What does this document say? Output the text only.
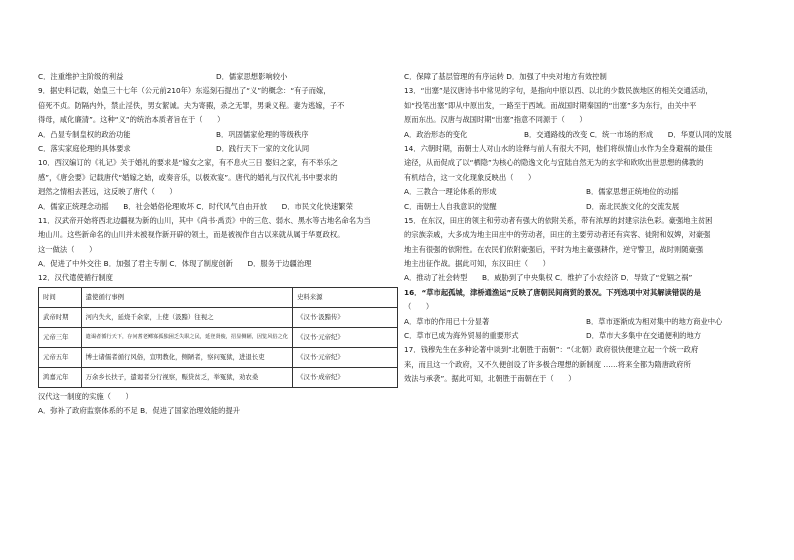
C．注重维护主阶级的利益	D．儒家思想影响较小
9．据史料记载，始皇三十七年（公元前210年）东巡刻石提出了“义”的概念：“有子而嫁，
倍死不贞。防隔内外，禁止淫佚，男女絜诚。夫为寄豭，杀之无罪，男秉义程。妻为逃嫁，子不
得母，咸化廉清”。这种“义”的统治本质者旨在于（　　）
A．凸显专制皇权的政治功能	B．巩固儒家伦理的等级秩序
C．落实家庭伦理的具体要求	D．践行天下一家的文化认同
10．西汉编订的《礼记》关于婚礼的要求是“嫁女之家，有不息火三日 娶妇之家，有不举乐之
感”，《唐会要》记载唐代“婚嫁之始，或奏音乐，以极欢宴”。唐代的婚礼与汉代礼书中要求的
迥然之情相去甚远，这反映了唐代（　　）
A．儒家正统理念动摇　　B．社会婚俗伦理败坏 C．时代风气自由开放　　D．市民文化快速繁荣
11．汉武帝开始将西北边疆视为新的山川，其中《尚书·禹贡》中的三危、弱水、黑水等古地名命名为当
地山川。这些新命名的山川并未被视作新开辟的领土，而是被视作自古以来就从属于华夏政权。
这一做法（　　）
A．促进了中外交往 B．加强了君主专制 C．体现了制度创新　　D．服务于边疆治理
12．汉代遣使循行制度
时间	遣使循行事例	史料来源
武帝时期	河内失火，延烧千余家，上使（汲黯）往视之	《汉书·汲黯传》
元帝三年	遣谒者循行天下，存问耆老鳏寡孤独困乏失职之民，延登贤俊，招显侧陋，因览风俗之化	《汉书·元帝纪》
元帝五年	博士诸儒者循行风俗，宣明教化，侧陋者，察问冤狱，进退长吏	《汉书·元帝纪》
鸿嘉元年	万余乡长扶子，遣谒者分行视察，赈贷贫乏，举冤狱，劝农桑	《汉书·成帝纪》
汉代这一制度的实施（　　）
A．弥补了政府监察体系的不足 B．促进了国家治理效能的提升
C．保障了基层管理的有序运转 D．加强了中央对地方有效控制
13．“出塞”是汉唐诗书中常见的字句，是指向中原以西、以北的少数民族地区的相关交通活动，
如“投笔出塞”即从中原出发，一路至于西域。而战国时期秦国的“出塞”多为东行，由关中平
原而东出。汉唐与战国时期“出塞”指意不同源于（　　）
A．政治形态的变化	B．交通路线的改变 C．统一市场的形成　　D．华夏认同的发展
14．六朝时期，南朝士人对山水的诠释与前人有很大不同，他们将纵情山水作为全身避祸的最佳
途径，从而促成了以“栖隐”为核心的隐逸文化与宜陆自然无为的玄学和欧吹出世思想的佛教的
有机结合，这一文化现象反映出（　　）
A．三教合一理论体系的形成	B．儒家思想正统地位的动摇
C．南朝士人自我意识的觉醒	D．南北民族文化的交流发展
15．在东汉，田庄的领主和劳动者有强大的依附关系，带有浓厚的封建宗法色彩。豪强地主贫困
的宗族亲戚，大多成为地主田庄中的劳动者，田庄的主要劳动者还有宾客、徒附和奴婢，对豪强
地主有很强的依附性。在农民们依附豪强后，平时为地主豪强耕作，逆守警卫，战时则随豪强
地主出征作战。据此可知，东汉田庄（　　）
A．推动了社会转型　　B．威胁到了中央集权 C．维护了小农经济 D．导致了“党锢之祸”
16．“草市起孤城，津桥通渔运”反映了唐朝民间商贸的景况。下列选项中对其解读错误的是
（　　）
A．草市的作用已十分显著	B．草市逐渐成为相对集中的地方商业中心
C．草市已成为海外贸易的重要形式	D．草市大多集中在交通便利的地方
17．钱穆先生在多种论著中谈到“北朝胜于南朝”：“（北朝）政府很快便建立起一个统一政府
来，而且这一个政府，又不久便创设了许多极合理想的新制度 ……将来全都为隋唐政府所
效法与承袭”。据此可知，北朝胜于南朝在于（　　）
